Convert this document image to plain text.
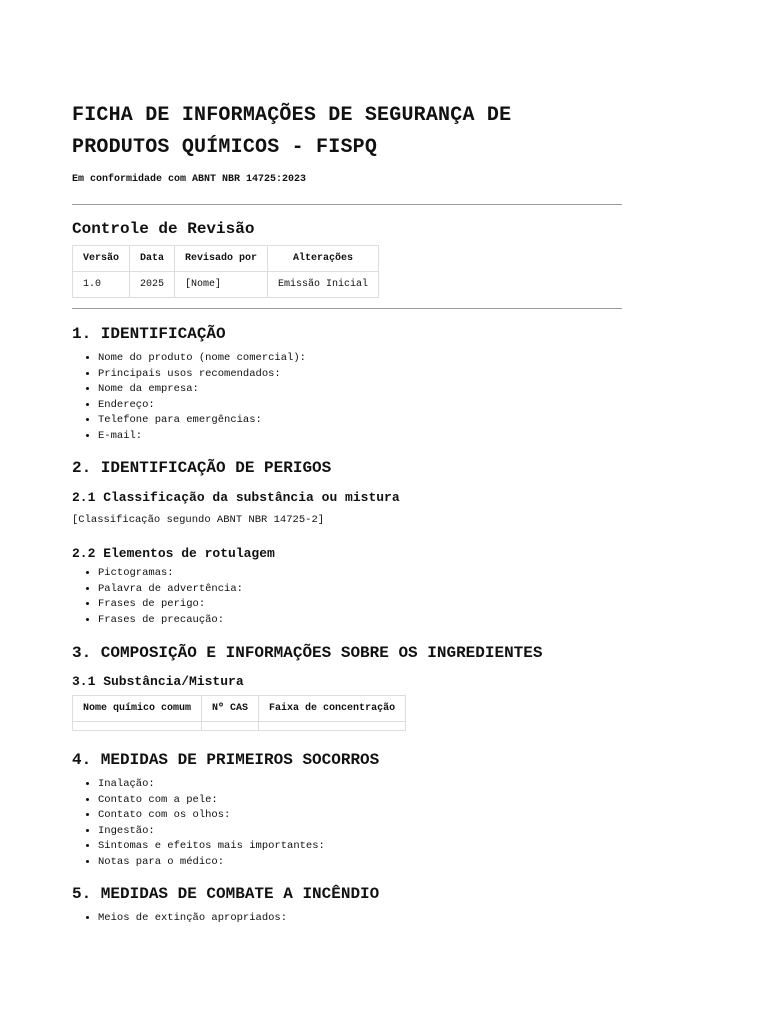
FICHA DE INFORMAÇÕES DE SEGURANÇA DE
PRODUTOS QUÍMICOS - FISPQ
Em conformidade com ABNT NBR 14725:2023
Controle de Revisão
Versão	Data	Revisado por	Alterações
1.0	2025	[Nome]	Emissão Inicial
1. IDENTIFICAÇÃO
• Nome do produto (nome comercial):
• Principais usos recomendados:
• Nome da empresa:
• Endereço:
• Telefone para emergências:
• E-mail:
2. IDENTIFICAÇÃO DE PERIGOS
2.1 Classificação da substância ou mistura

[Classificação segundo ABNT NBR 14725-2]

2.2 Elementos de rotulagem
• Pictogramas:
• Palavra de advertência:
• Frases de perigo:
• Frases de precaução:
3. COMPOSIÇÃO E INFORMAÇÕES SOBRE OS INGREDIENTES
3.1 Substância/Mistura
Nome químico comum	Nº CAS	Faixa de concentração

4. MEDIDAS DE PRIMEIROS SOCORROS
• Inalação:
• Contato com a pele:
• Contato com os olhos:
• Ingestão:
• Sintomas e efeitos mais importantes:
• Notas para o médico:
5. MEDIDAS DE COMBATE A INCÊNDIO
• Meios de extinção apropriados:
